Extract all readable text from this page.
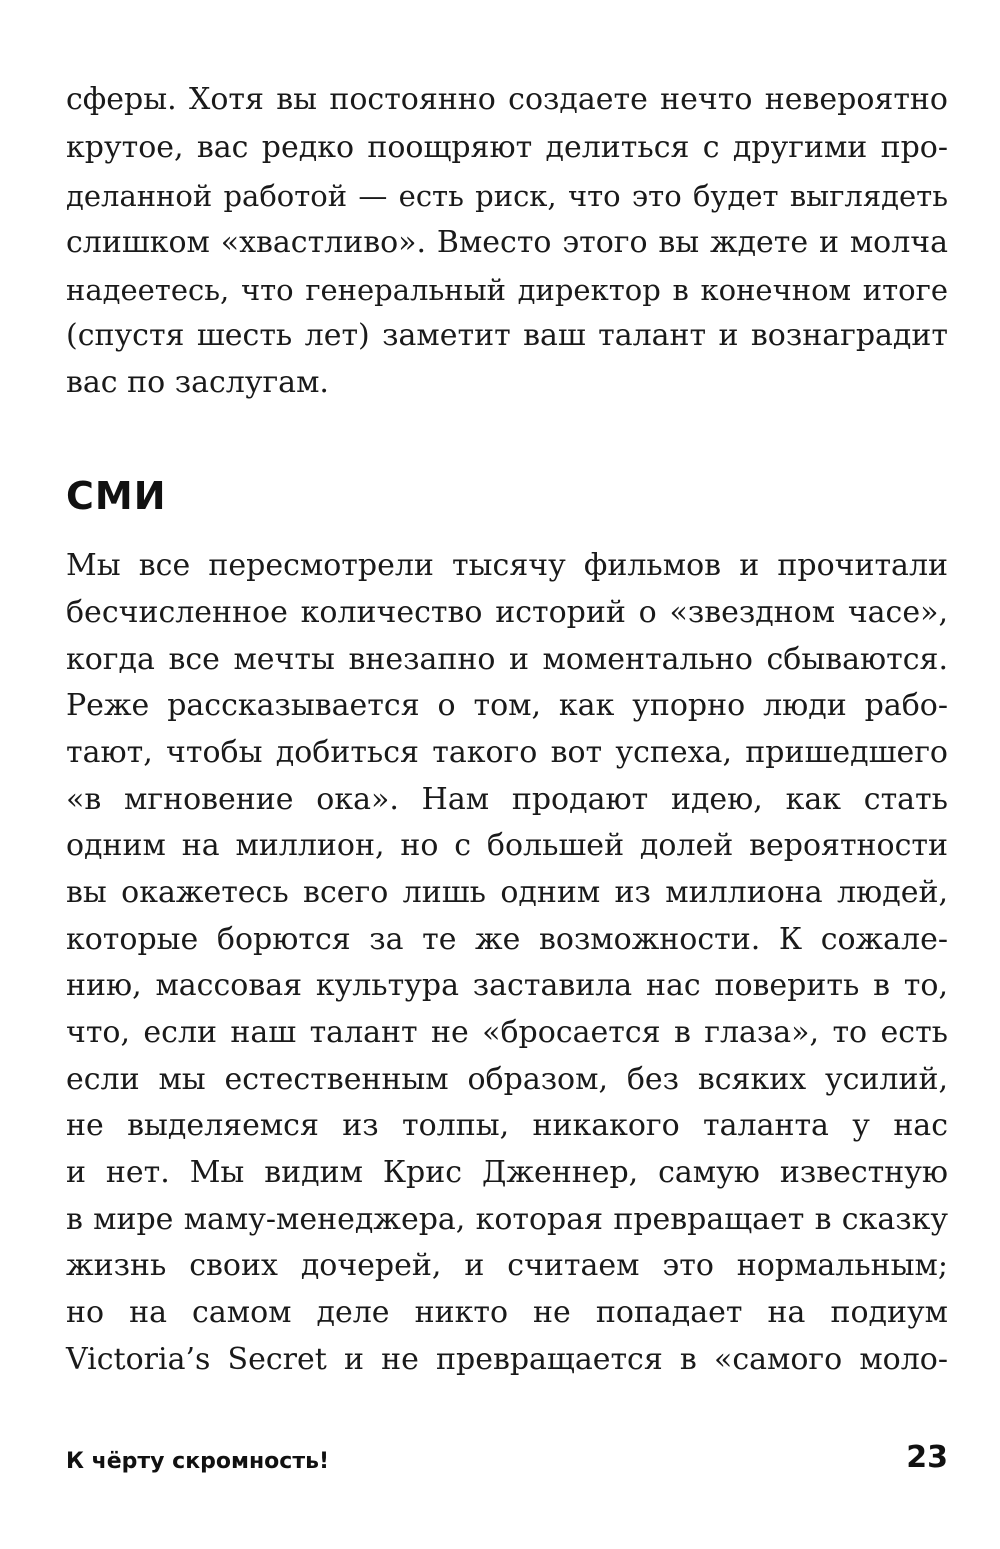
сферы. Хотя вы постоянно создаете нечто невероятно
крутое, вас редко поощряют делиться с другими про-
деланной работой — есть риск, что это будет выглядеть
слишком «хвастливо». Вместо этого вы ждете и молча
надеетесь, что генеральный директор в конечном итоге
(спустя шесть лет) заметит ваш талант и вознаградит
вас по заслугам.
СМИ
Мы все пересмотрели тысячу фильмов и прочитали
бесчисленное количество историй о «звездном часе»,
когда все мечты внезапно и моментально сбываются.
Реже рассказывается о том, как упорно люди рабо-
тают, чтобы добиться такого вот успеха, пришедшего
«в мгновение ока». Нам продают идею, как стать
одним на миллион, но с большей долей вероятности
вы окажетесь всего лишь одним из миллиона людей,
которые борются за те же возможности. К сожале-
нию, массовая культура заставила нас поверить в то,
что, если наш талант не «бросается в глаза», то есть
если мы естественным образом, без всяких усилий,
не выделяемся из толпы, никакого таланта у нас
и нет. Мы видим Крис Дженнер, самую известную
в мире маму-менеджера, которая превращает в сказку
жизнь своих дочерей, и считаем это нормальным;
но на самом деле никто не попадает на подиум
Victoria’s Secret и не превращается в «самого моло-
К чёрту скромность!	23
